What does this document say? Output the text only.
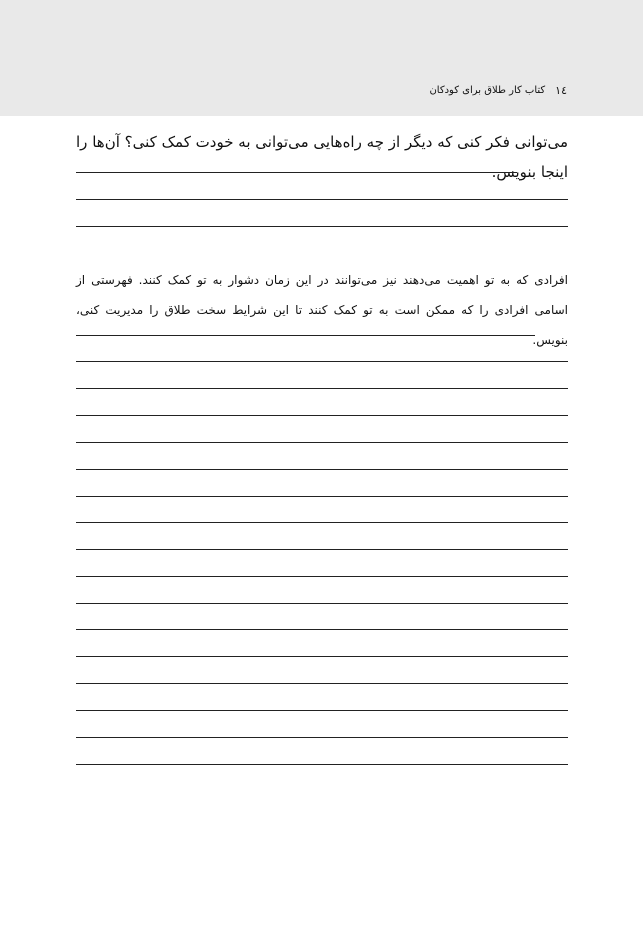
١٤
کتاب کار طلاق برای کودکان
می‌توانی فکر کنی که دیگر از چه راه‌هایی می‌توانی به خودت کمک کنی؟ آن‌ها را اینجا بنویس.
افرادی که به تو اهمیت می‌دهند نیز می‌توانند در این زمان دشوار به تو کمک کنند. فهرستی از اسامی افرادی را که ممکن است به تو کمک کنند تا این شرایط سخت طلاق را مدیریت کنی، بنویس.
